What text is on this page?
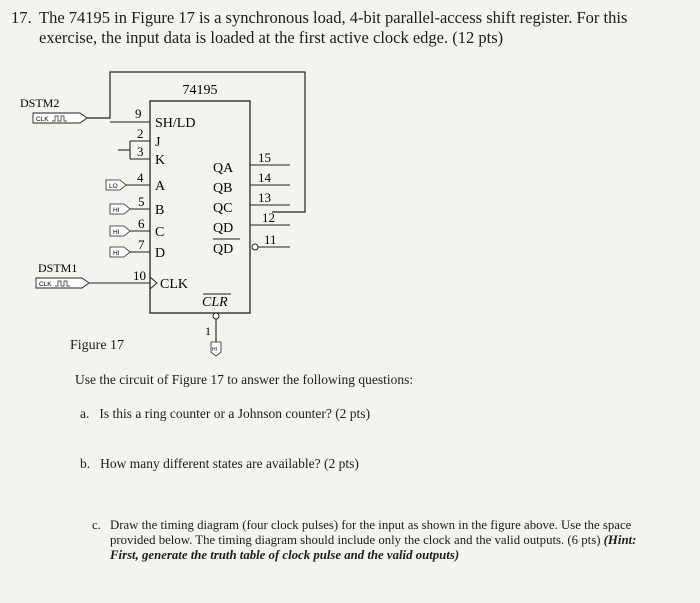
17. The 74195 in Figure 17 is a synchronous load, 4-bit parallel-access shift register. For this
exercise, the input data is loaded at the first active clock edge. (12 pts)
74195
DSTM2
CLK
DSTM1
CLK
LO
HI
HI
HI
9
2
3
4
5
6
7
10
SH/LD
J
K
A
B
C
D
CLK
QA
QB
QC
QD
QD
15
14
13
12
11
CLR
1
HI
Figure 17
Use the circuit of Figure 17 to answer the following questions:
a. Is this a ring counter or a Johnson counter? (2 pts)
b. How many different states are available? (2 pts)
c. Draw the timing diagram (four clock pulses) for the input as shown in the figure above. Use the space provided below. The timing diagram should include only the clock and the valid outputs. (6 pts) (Hint: First, generate the truth table of clock pulse and the valid outputs)
